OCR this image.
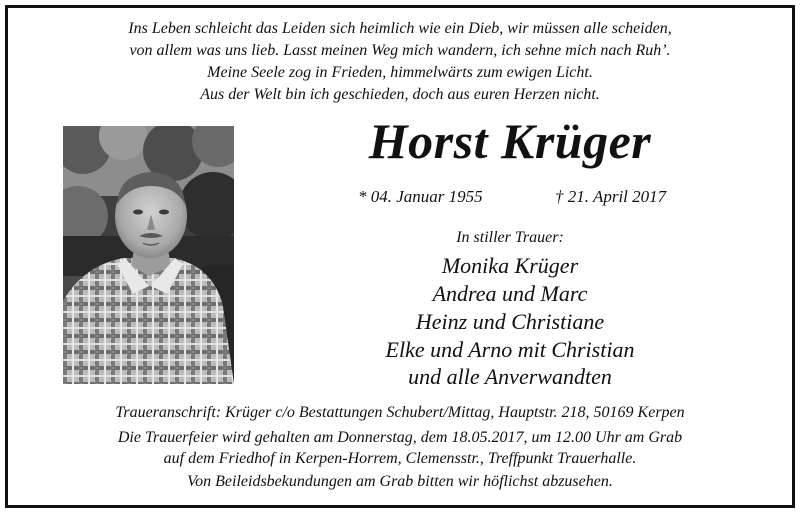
Ins Leben schleicht das Leiden sich heimlich wie ein Dieb, wir müssen alle scheiden,
von allem was uns lieb. Lasst meinen Weg mich wandern, ich sehne mich nach Ruh’.
Meine Seele zog in Frieden, himmelwärts zum ewigen Licht.
Aus der Welt bin ich geschieden, doch aus euren Herzen nicht.
Horst Krüger
* 04. Januar 1955	† 21. April 2017
In stiller Trauer:
Monika Krüger
Andrea und Marc
Heinz und Christiane
Elke und Arno mit Christian
und alle Anverwandten
Traueranschrift: Krüger c/o Bestattungen Schubert/Mittag, Hauptstr. 218, 50169 Kerpen
Die Trauerfeier wird gehalten am Donnerstag, dem 18.05.2017, um 12.00 Uhr am Grab
auf dem Friedhof in Kerpen-Horrem, Clemensstr., Treffpunkt Trauerhalle.
Von Beileidsbekundungen am Grab bitten wir höflichst abzusehen.
